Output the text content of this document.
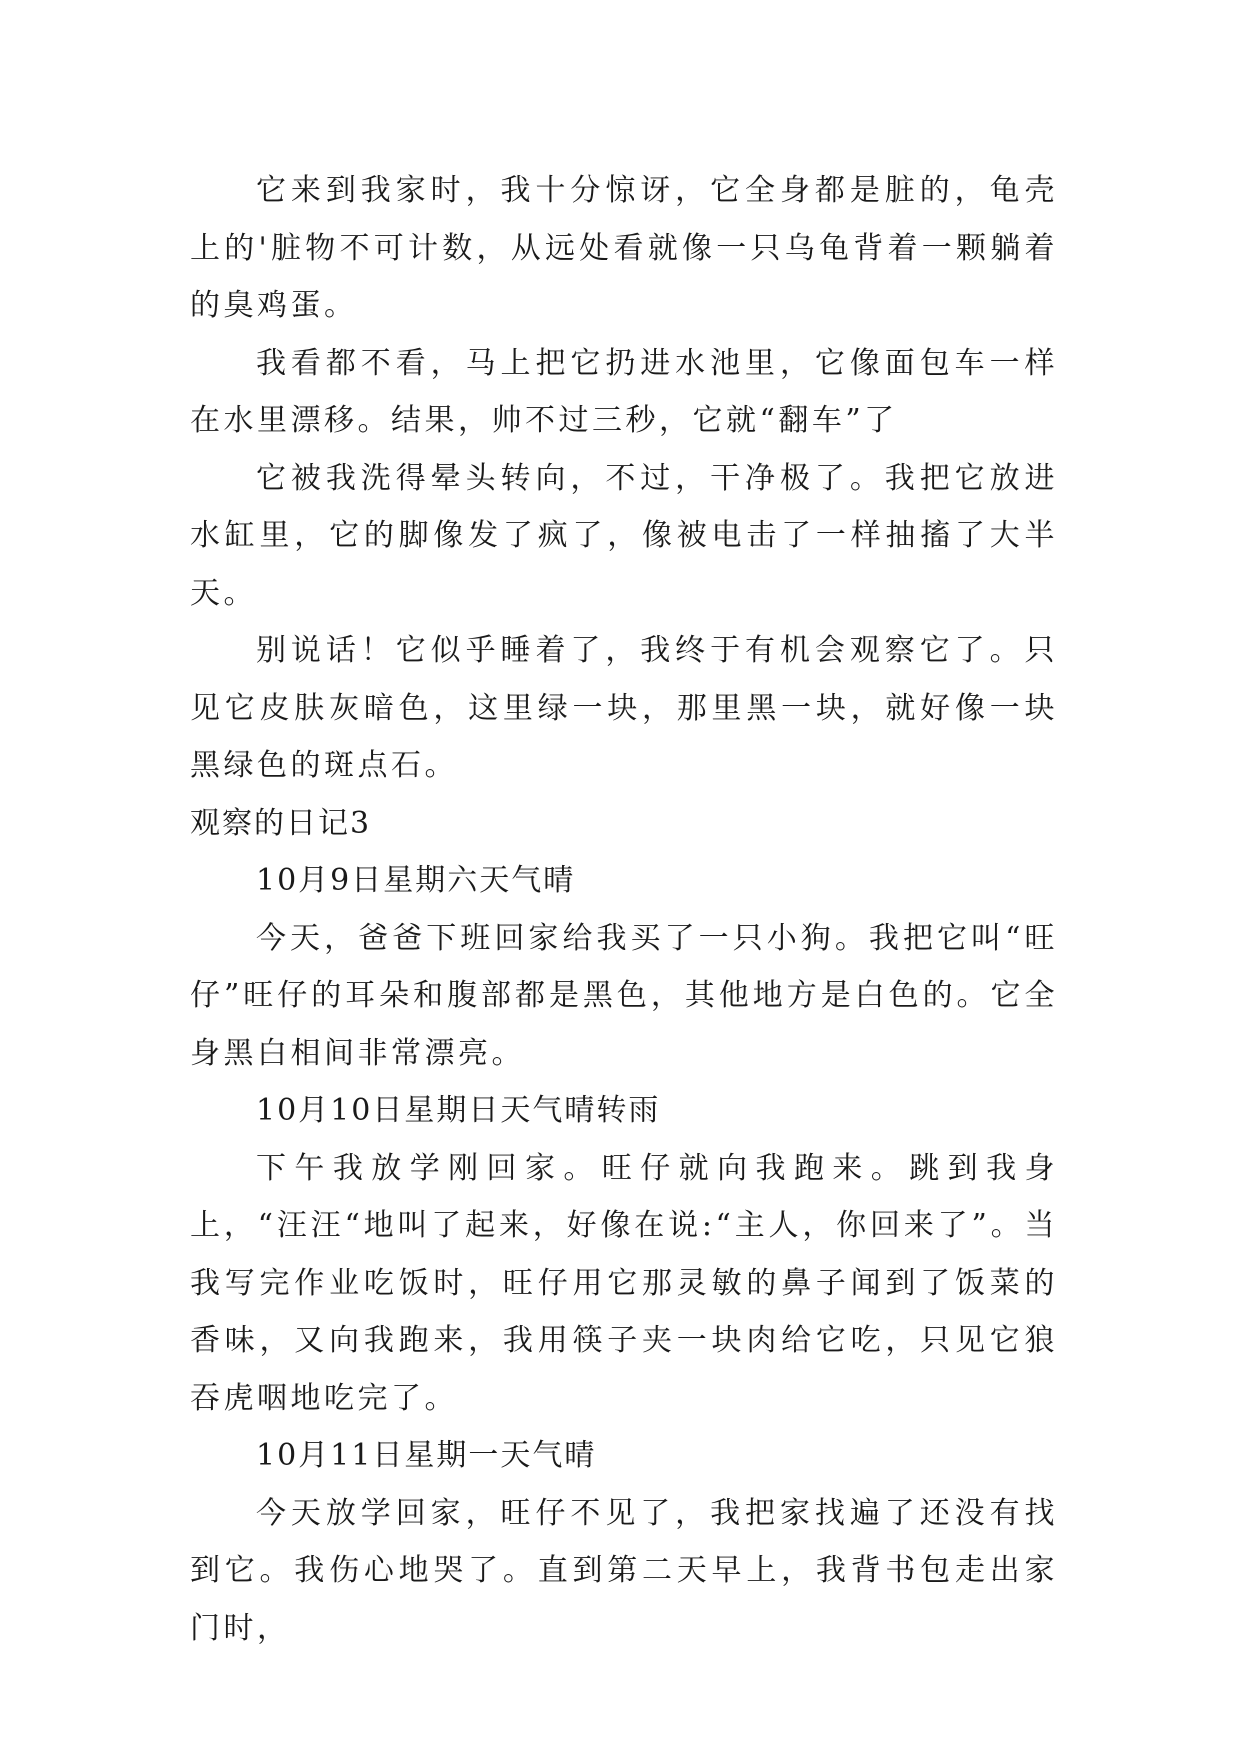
它来到我家时，我十分惊讶，它全身都是脏的，龟壳上的'脏物不可计数，从远处看就像一只乌龟背着一颗躺着的臭鸡蛋。

我看都不看，马上把它扔进水池里，它像面包车一样在水里漂移。结果，帅不过三秒，它就“翻车”了

它被我洗得晕头转向，不过，干净极了。我把它放进水缸里，它的脚像发了疯了，像被电击了一样抽搐了大半天。

别说话！它似乎睡着了，我终于有机会观察它了。只见它皮肤灰暗色，这里绿一块，那里黑一块，就好像一块黑绿色的斑点石。

观察的日记3

10月9日星期六天气晴

今天，爸爸下班回家给我买了一只小狗。我把它叫“旺仔”旺仔的耳朵和腹部都是黑色，其他地方是白色的。它全身黑白相间非常漂亮。

10月10日星期日天气晴转雨

下午我放学刚回家。旺仔就向我跑来。跳到我身上，“汪汪“地叫了起来，好像在说:“主人，你回来了”。当我写完作业吃饭时，旺仔用它那灵敏的鼻子闻到了饭菜的香味，又向我跑来，我用筷子夹一块肉给它吃，只见它狼吞虎咽地吃完了。

10月11日星期一天气晴

今天放学回家，旺仔不见了，我把家找遍了还没有找到它。我伤心地哭了。直到第二天早上，我背书包走出家门时，
